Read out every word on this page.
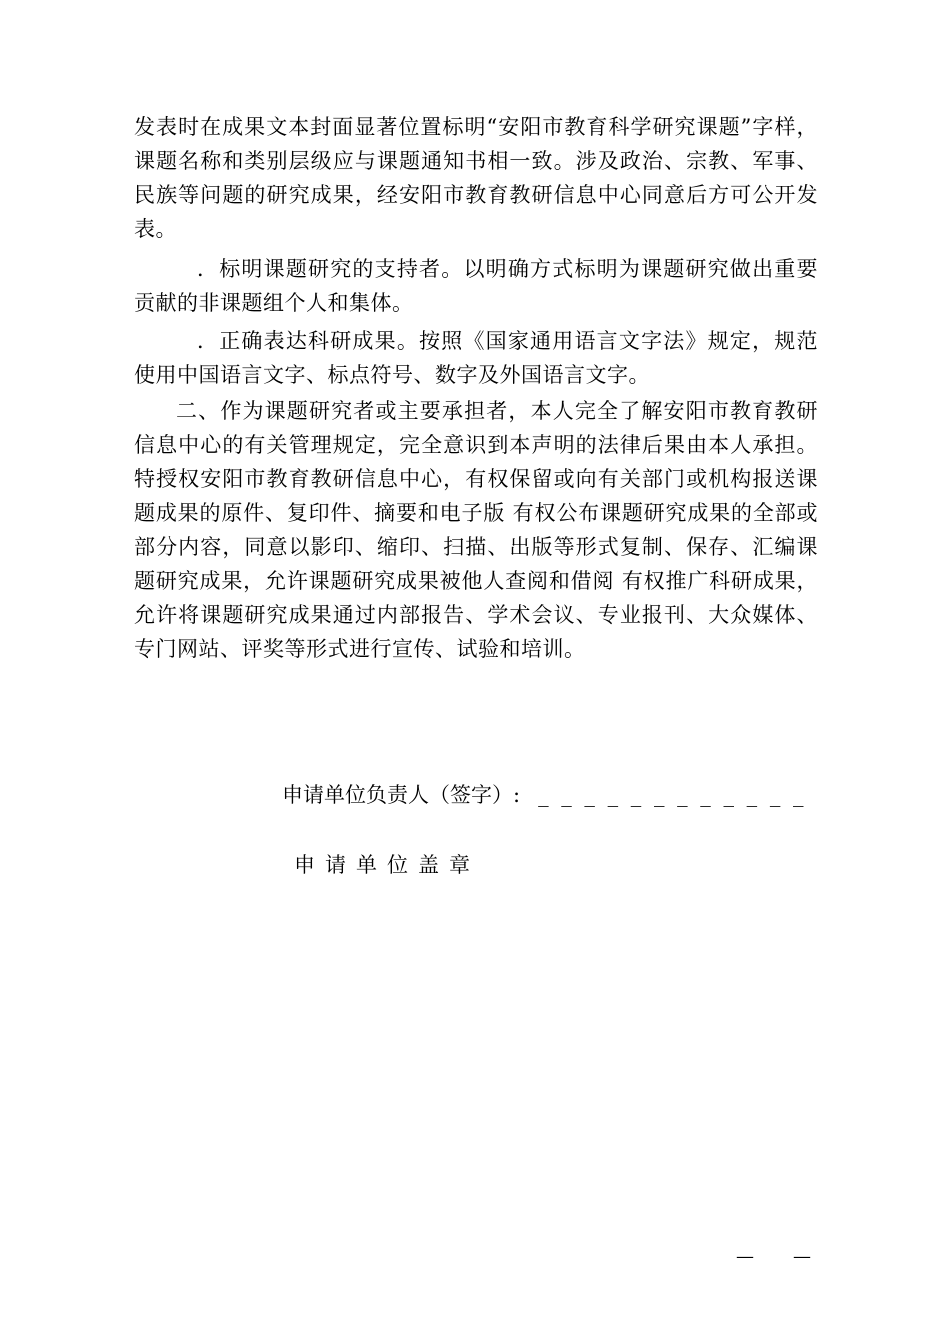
发表时在成果文本封面显著位置标明“安阳市教育科学研究课题”字样，课题名称和类别层级应与课题通知书相一致。涉及政治、宗教、军事、民族等问题的研究成果，经安阳市教育教研信息中心同意后方可公开发表。
．标明课题研究的支持者。以明确方式标明为课题研究做出重要贡献的非课题组个人和集体。
．正确表达科研成果。按照《国家通用语言文字法》规定，规范使用中国语言文字、标点符号、数字及外国语言文字。
二、作为课题研究者或主要承担者，本人完全了解安阳市教育教研信息中心的有关管理规定，完全意识到本声明的法律后果由本人承担。特授权安阳市教育教研信息中心，有权保留或向有关部门或机构报送课题成果的原件、复印件、摘要和电子版 有权公布课题研究成果的全部或部分内容，同意以影印、缩印、扫描、出版等形式复制、保存、汇编课题研究成果，允许课题研究成果被他人查阅和借阅 有权推广科研成果，允许将课题研究成果通过内部报告、学术会议、专业报刊、大众媒体、专门网站、评奖等形式进行宣传、试验和培训。
申请单位负责人（签字）: _ _ _ _ _ _ _ _ _ _ _ _
申请单位盖章
— —
